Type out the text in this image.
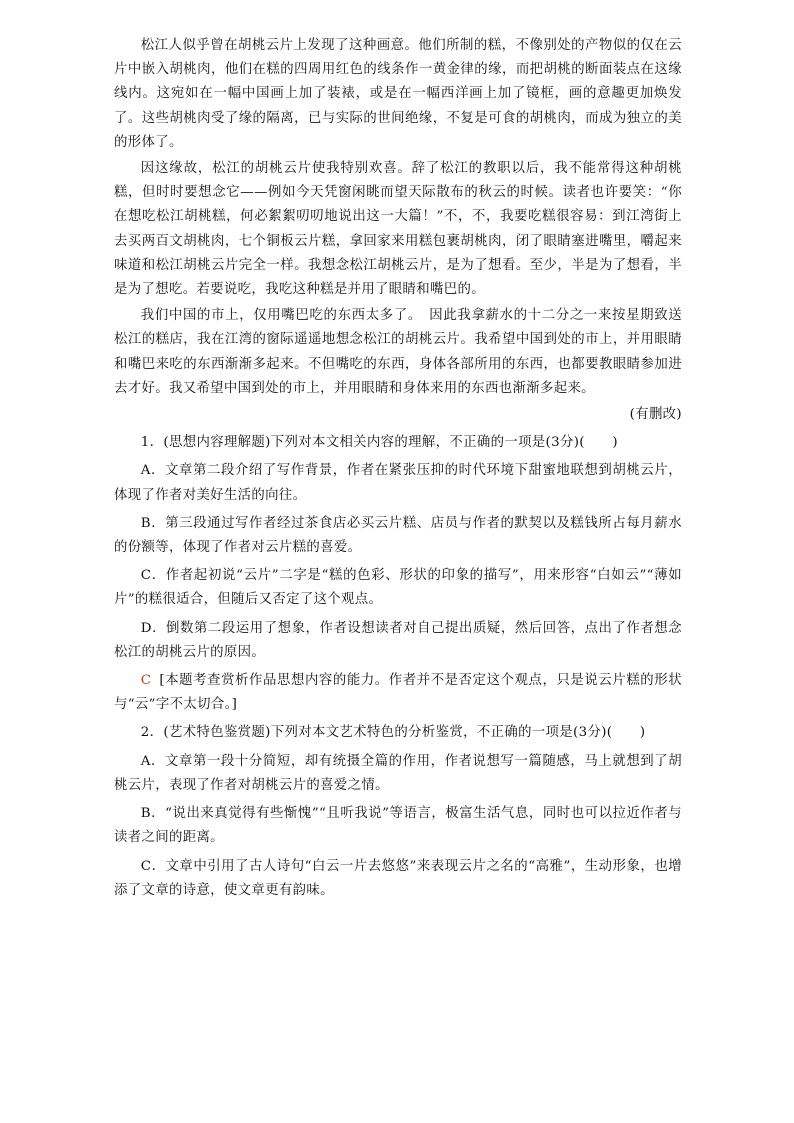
松江人似乎曾在胡桃云片上发现了这种画意。他们所制的糕，不像别处的产物似的仅在云片中嵌入胡桃肉，他们在糕的四周用红色的线条作一黄金律的缘，而把胡桃的断面装点在这缘线内。这宛如在一幅中国画上加了装裱，或是在一幅西洋画上加了镜框，画的意趣更加焕发了。这些胡桃肉受了缘的隔离，已与实际的世间绝缘，不复是可食的胡桃肉，而成为独立的美的形体了。

因这缘故，松江的胡桃云片使我特别欢喜。辞了松江的教职以后，我不能常得这种胡桃糕，但时时要想念它——例如今天凭窗闲眺而望天际散布的秋云的时候。读者也许要笑：“你在想吃松江胡桃糕，何必絮絮叨叨地说出这一大篇！”不，不，我要吃糕很容易：到江湾街上去买两百文胡桃肉，七个铜板云片糕，拿回家来用糕包裹胡桃肉，闭了眼睛塞进嘴里，嚼起来味道和松江胡桃云片完全一样。我想念松江胡桃云片，是为了想看。至少，半是为了想看，半是为了想吃。若要说吃，我吃这种糕是并用了眼睛和嘴巴的。

我们中国的市上，仅用嘴巴吃的东西太多了。　因此我拿薪水的十二分之一来按星期致送松江的糕店，我在江湾的窗际遥遥地想念松江的胡桃云片。我希望中国到处的市上，并用眼睛和嘴巴来吃的东西渐渐多起来。不但嘴吃的东西，身体各部所用的东西，也都要教眼睛参加进去才好。我又希望中国到处的市上，并用眼睛和身体来用的东西也渐渐多起来。

(有删改)

1．(思想内容理解题)下列对本文相关内容的理解，不正确的一项是(3分)(　　)

A．文章第二段介绍了写作背景，作者在紧张压抑的时代环境下甜蜜地联想到胡桃云片，体现了作者对美好生活的向往。

B．第三段通过写作者经过茶食店必买云片糕、店员与作者的默契以及糕钱所占每月薪水的份额等，体现了作者对云片糕的喜爱。

C．作者起初说“云片”二字是“糕的色彩、形状的印象的描写”，用来形容“白如云”“薄如片”的糕很适合，但随后又否定了这个观点。

D．倒数第二段运用了想象，作者设想读者对自己提出质疑，然后回答，点出了作者想念松江的胡桃云片的原因。

C [本题考查赏析作品思想内容的能力。作者并不是否定这个观点，只是说云片糕的形状与“云”字不太切合。]

2．(艺术特色鉴赏题)下列对本文艺术特色的分析鉴赏，不正确的一项是(3分)(　　)

A．文章第一段十分简短，却有统摄全篇的作用，作者说想写一篇随感，马上就想到了胡桃云片，表现了作者对胡桃云片的喜爱之情。

B．“说出来真觉得有些惭愧”“且听我说”等语言，极富生活气息，同时也可以拉近作者与读者之间的距离。

C．文章中引用了古人诗句“白云一片去悠悠”来表现云片之名的“高雅”，生动形象，也增添了文章的诗意，使文章更有韵味。
